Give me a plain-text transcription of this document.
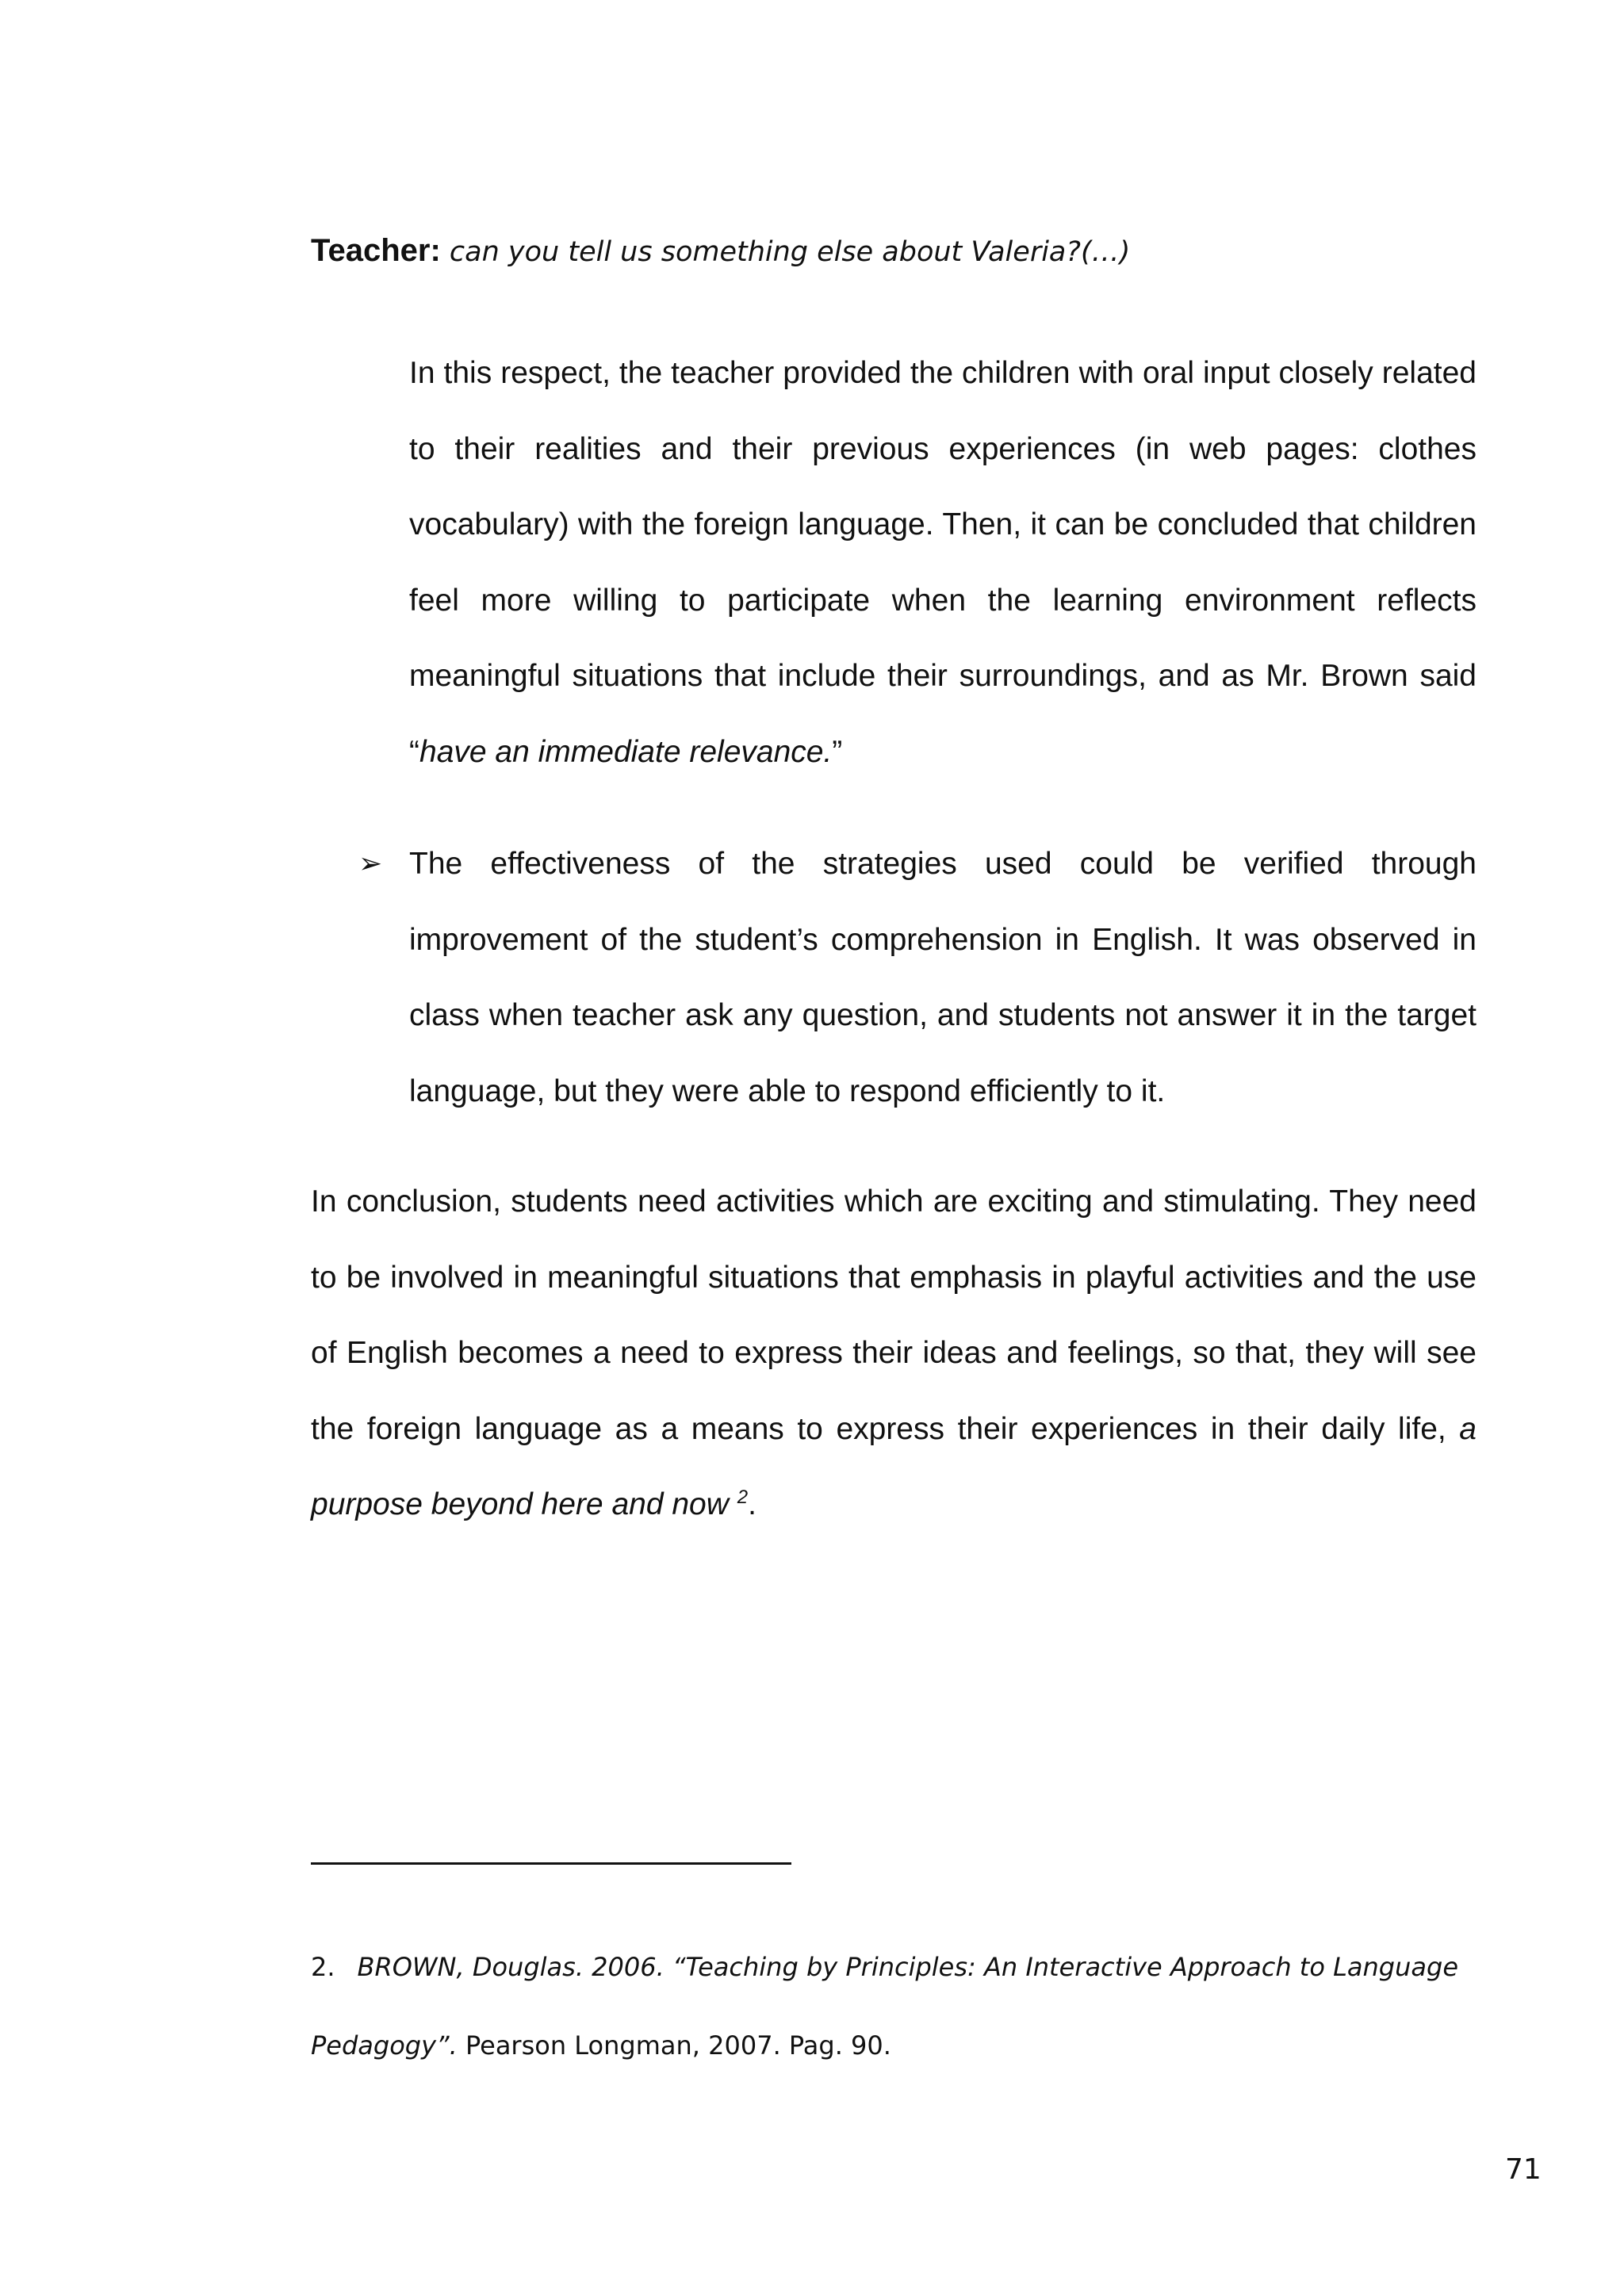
Teacher: can you tell us something else about Valeria?(…)
In this respect, the teacher provided the children with oral input closely related to their realities and their previous experiences (in web pages: clothes vocabulary) with the foreign language. Then, it can be concluded that children feel more willing to participate when the learning environment reflects meaningful situations that include their surroundings, and as Mr. Brown said “have an immediate relevance.”
➢ The effectiveness of the strategies used could be verified through improvement of the student’s comprehension in English. It was observed in class when teacher ask any question, and students not answer it in the target language, but they were able to respond efficiently to it.
In conclusion, students need activities which are exciting and stimulating. They need to be involved in meaningful situations that emphasis in playful activities and the use of English becomes a need to express their ideas and feelings, so that, they will see the foreign language as a means to express their experiences in their daily life, a purpose beyond here and now $^2$.
2. BROWN, Douglas. 2006. “Teaching by Principles: An Interactive Approach to Language Pedagogy”. Pearson Longman, 2007. Pag. 90.
71
